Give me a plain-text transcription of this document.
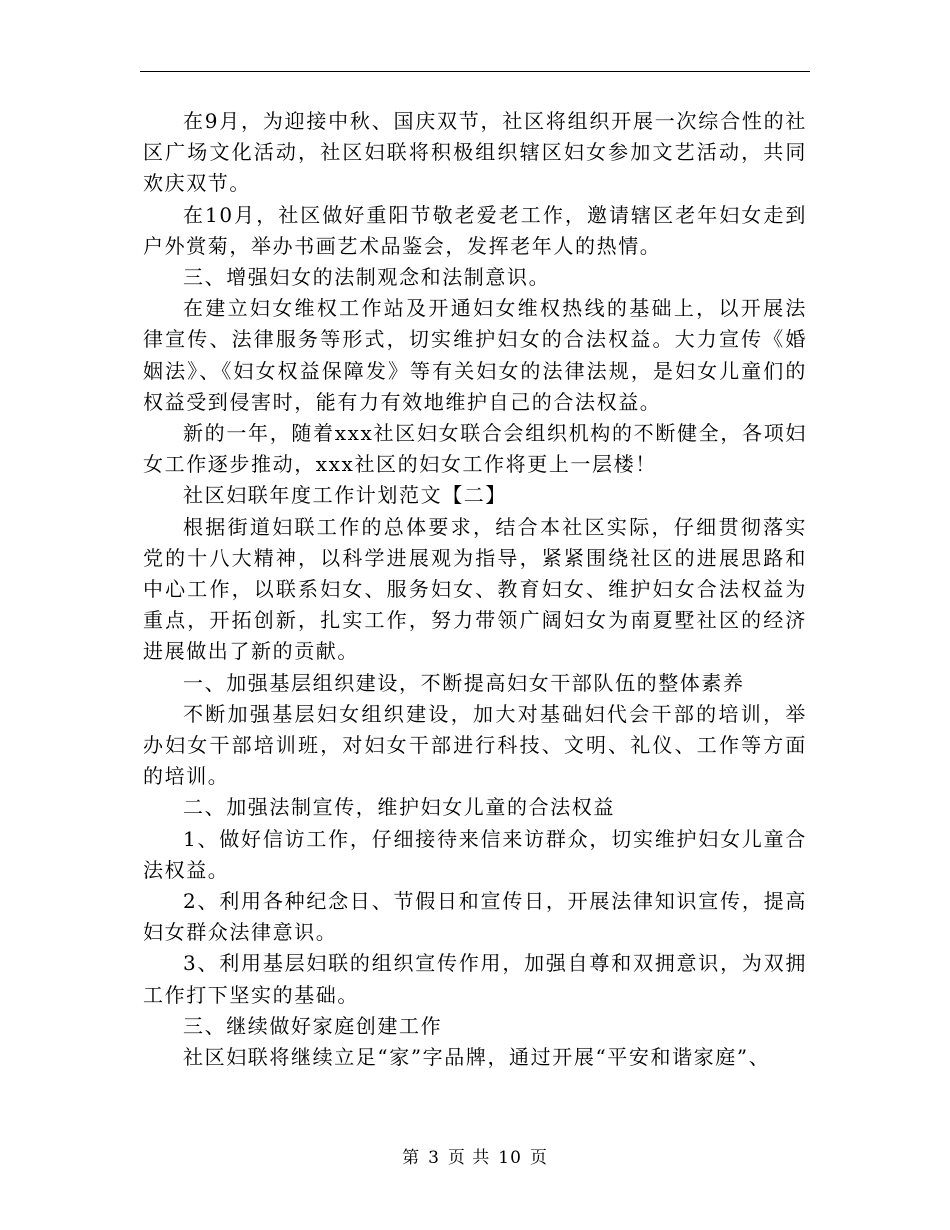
在9月，为迎接中秋、国庆双节，社区将组织开展一次综合性的社区广场文化活动，社区妇联将积极组织辖区妇女参加文艺活动，共同欢庆双节。

在10月，社区做好重阳节敬老爱老工作，邀请辖区老年妇女走到户外赏菊，举办书画艺术品鉴会，发挥老年人的热情。

三、增强妇女的法制观念和法制意识。

在建立妇女维权工作站及开通妇女维权热线的基础上，以开展法律宣传、法律服务等形式，切实维护妇女的合法权益。大力宣传《婚姻法》、《妇女权益保障发》等有关妇女的法律法规，是妇女儿童们的权益受到侵害时，能有力有效地维护自己的合法权益。

新的一年，随着xxx社区妇女联合会组织机构的不断健全，各项妇女工作逐步推动，xxx社区的妇女工作将更上一层楼！

社区妇联年度工作计划范文【二】

根据街道妇联工作的总体要求，结合本社区实际，仔细贯彻落实党的十八大精神，以科学进展观为指导，紧紧围绕社区的进展思路和中心工作，以联系妇女、服务妇女、教育妇女、维护妇女合法权益为重点，开拓创新，扎实工作，努力带领广阔妇女为南夏墅社区的经济进展做出了新的贡献。

一、加强基层组织建设，不断提高妇女干部队伍的整体素养

不断加强基层妇女组织建设，加大对基础妇代会干部的培训，举办妇女干部培训班，对妇女干部进行科技、文明、礼仪、工作等方面的培训。

二、加强法制宣传，维护妇女儿童的合法权益

1、做好信访工作，仔细接待来信来访群众，切实维护妇女儿童合法权益。

2、利用各种纪念日、节假日和宣传日，开展法律知识宣传，提高妇女群众法律意识。

3、利用基层妇联的组织宣传作用，加强自尊和双拥意识，为双拥工作打下坚实的基础。

三、继续做好家庭创建工作

社区妇联将继续立足“家”字品牌，通过开展“平安和谐家庭”、

第 3 页 共 10 页
